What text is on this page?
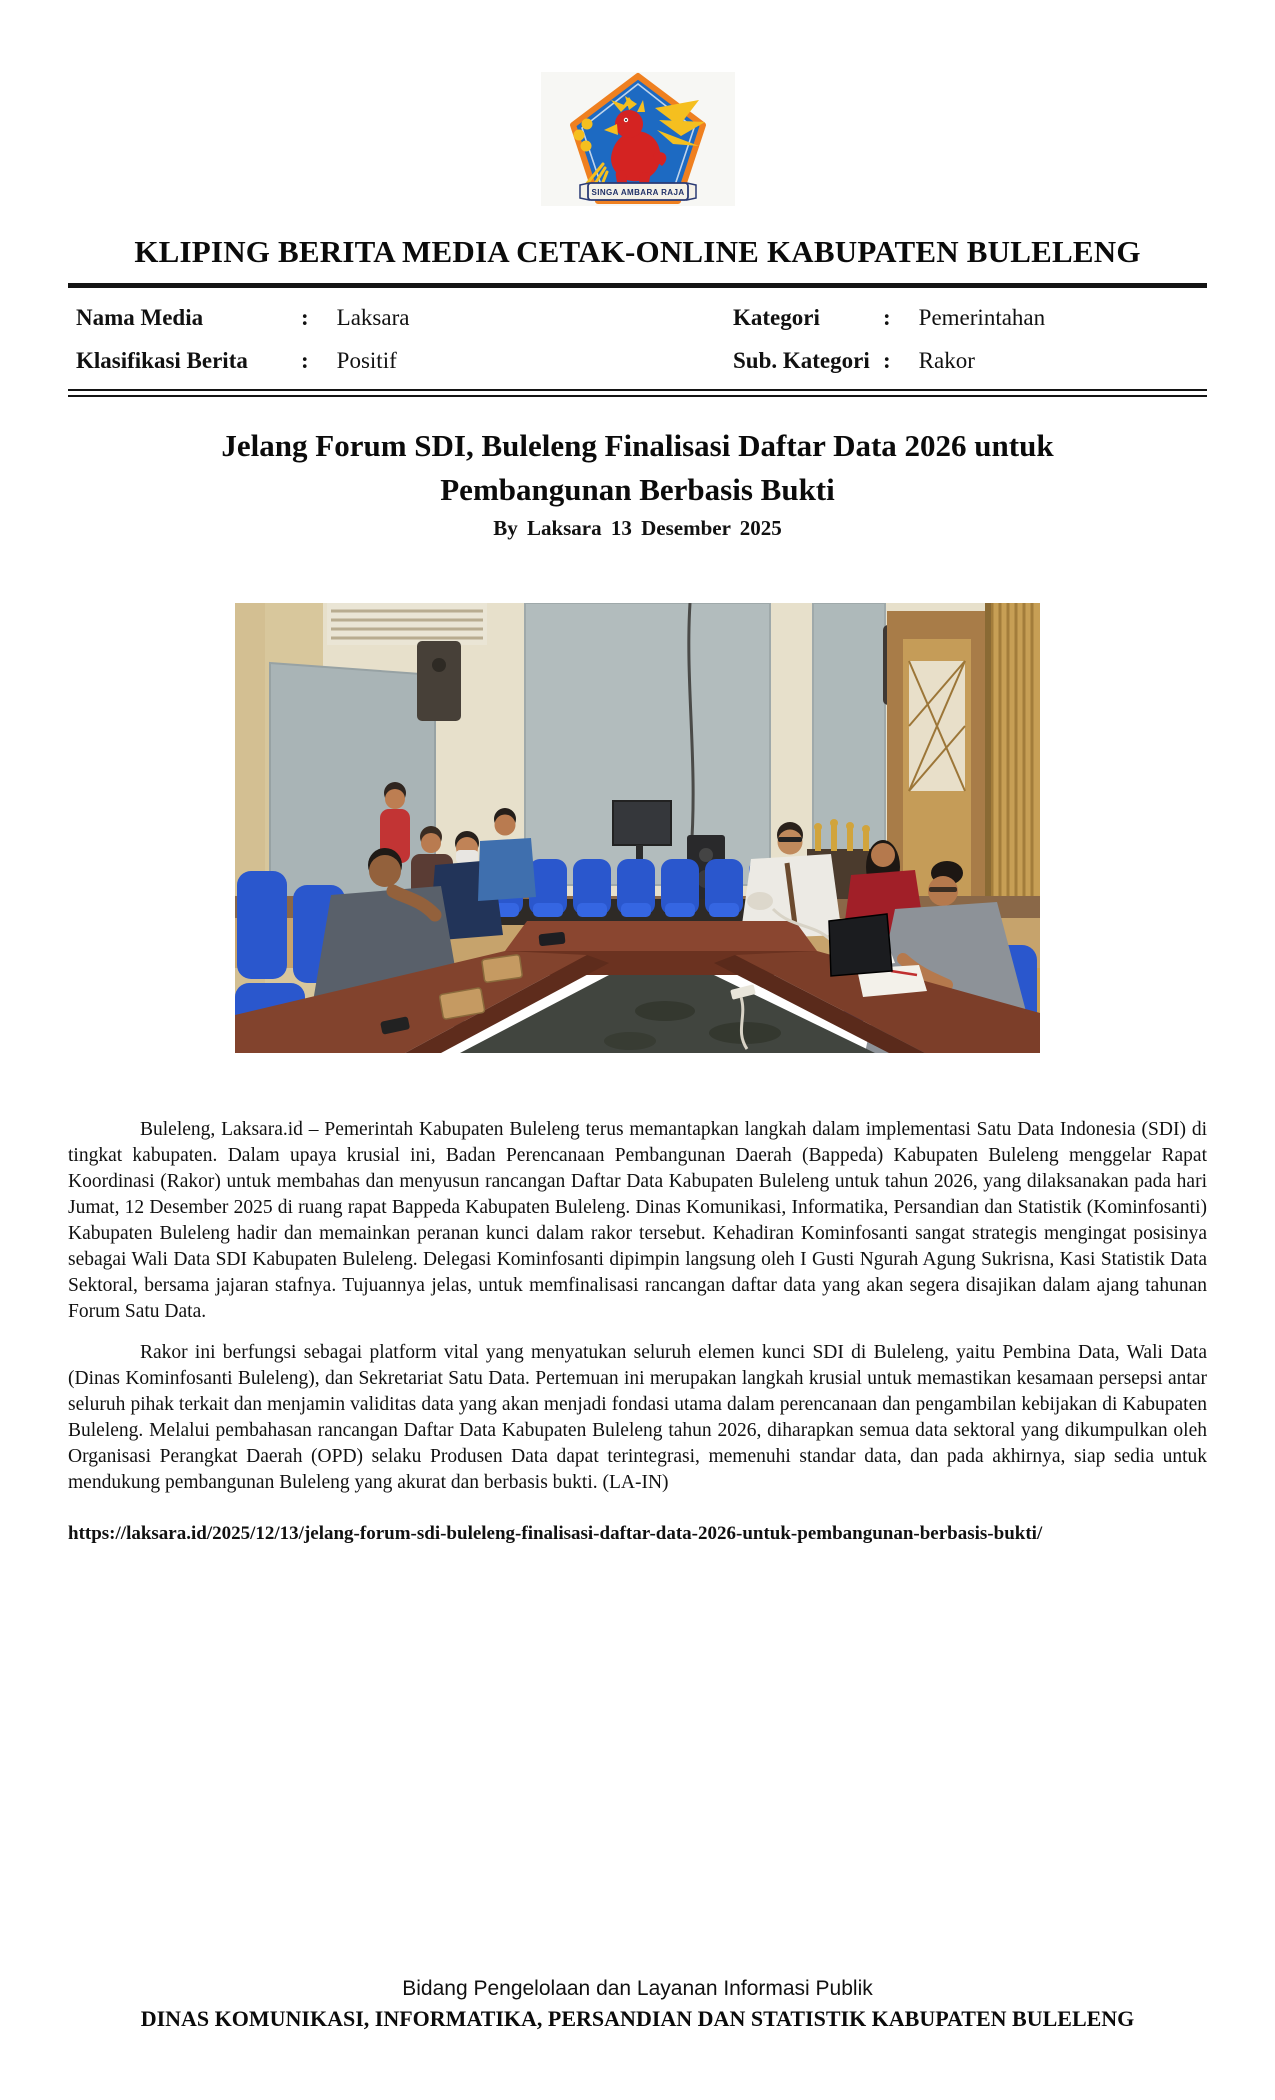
SINGA AMBARA RAJA
KLIPING BERITA MEDIA CETAK-ONLINE KABUPATEN BULELENG
Nama Media	: Laksara	Kategori	: Pemerintahan
Klasifikasi Berita	: Positif	Sub. Kategori : Rakor
Jelang Forum SDI, Buleleng Finalisasi Daftar Data 2026 untuk Pembangunan Berbasis Bukti
By Laksara 13 Desember 2025

Buleleng, Laksara.id – Pemerintah Kabupaten Buleleng terus memantapkan langkah dalam implementasi Satu Data Indonesia (SDI) di tingkat kabupaten. Dalam upaya krusial ini, Badan Perencanaan Pembangunan Daerah (Bappeda) Kabupaten Buleleng menggelar Rapat Koordinasi (Rakor) untuk membahas dan menyusun rancangan Daftar Data Kabupaten Buleleng untuk tahun 2026, yang dilaksanakan pada hari Jumat, 12 Desember 2025 di ruang rapat Bappeda Kabupaten Buleleng. Dinas Komunikasi, Informatika, Persandian dan Statistik (Kominfosanti) Kabupaten Buleleng hadir dan memainkan peranan kunci dalam rakor tersebut. Kehadiran Kominfosanti sangat strategis mengingat posisinya sebagai Wali Data SDI Kabupaten Buleleng. Delegasi Kominfosanti dipimpin langsung oleh I Gusti Ngurah Agung Sukrisna, Kasi Statistik Data Sektoral, bersama jajaran stafnya. Tujuannya jelas, untuk memfinalisasi rancangan daftar data yang akan segera disajikan dalam ajang tahunan Forum Satu Data.

Rakor ini berfungsi sebagai platform vital yang menyatukan seluruh elemen kunci SDI di Buleleng, yaitu Pembina Data, Wali Data (Dinas Kominfosanti Buleleng), dan Sekretariat Satu Data. Pertemuan ini merupakan langkah krusial untuk memastikan kesamaan persepsi antar seluruh pihak terkait dan menjamin validitas data yang akan menjadi fondasi utama dalam perencanaan dan pengambilan kebijakan di Kabupaten Buleleng. Melalui pembahasan rancangan Daftar Data Kabupaten Buleleng tahun 2026, diharapkan semua data sektoral yang dikumpulkan oleh Organisasi Perangkat Daerah (OPD) selaku Produsen Data dapat terintegrasi, memenuhi standar data, dan pada akhirnya, siap sedia untuk mendukung pembangunan Buleleng yang akurat dan berbasis bukti. (LA-IN)

https://laksara.id/2025/12/13/jelang-forum-sdi-buleleng-finalisasi-daftar-data-2026-untuk-pembangunan-berbasis-bukti/
Bidang Pengelolaan dan Layanan Informasi Publik
DINAS KOMUNIKASI, INFORMATIKA, PERSANDIAN DAN STATISTIK KABUPATEN BULELENG
